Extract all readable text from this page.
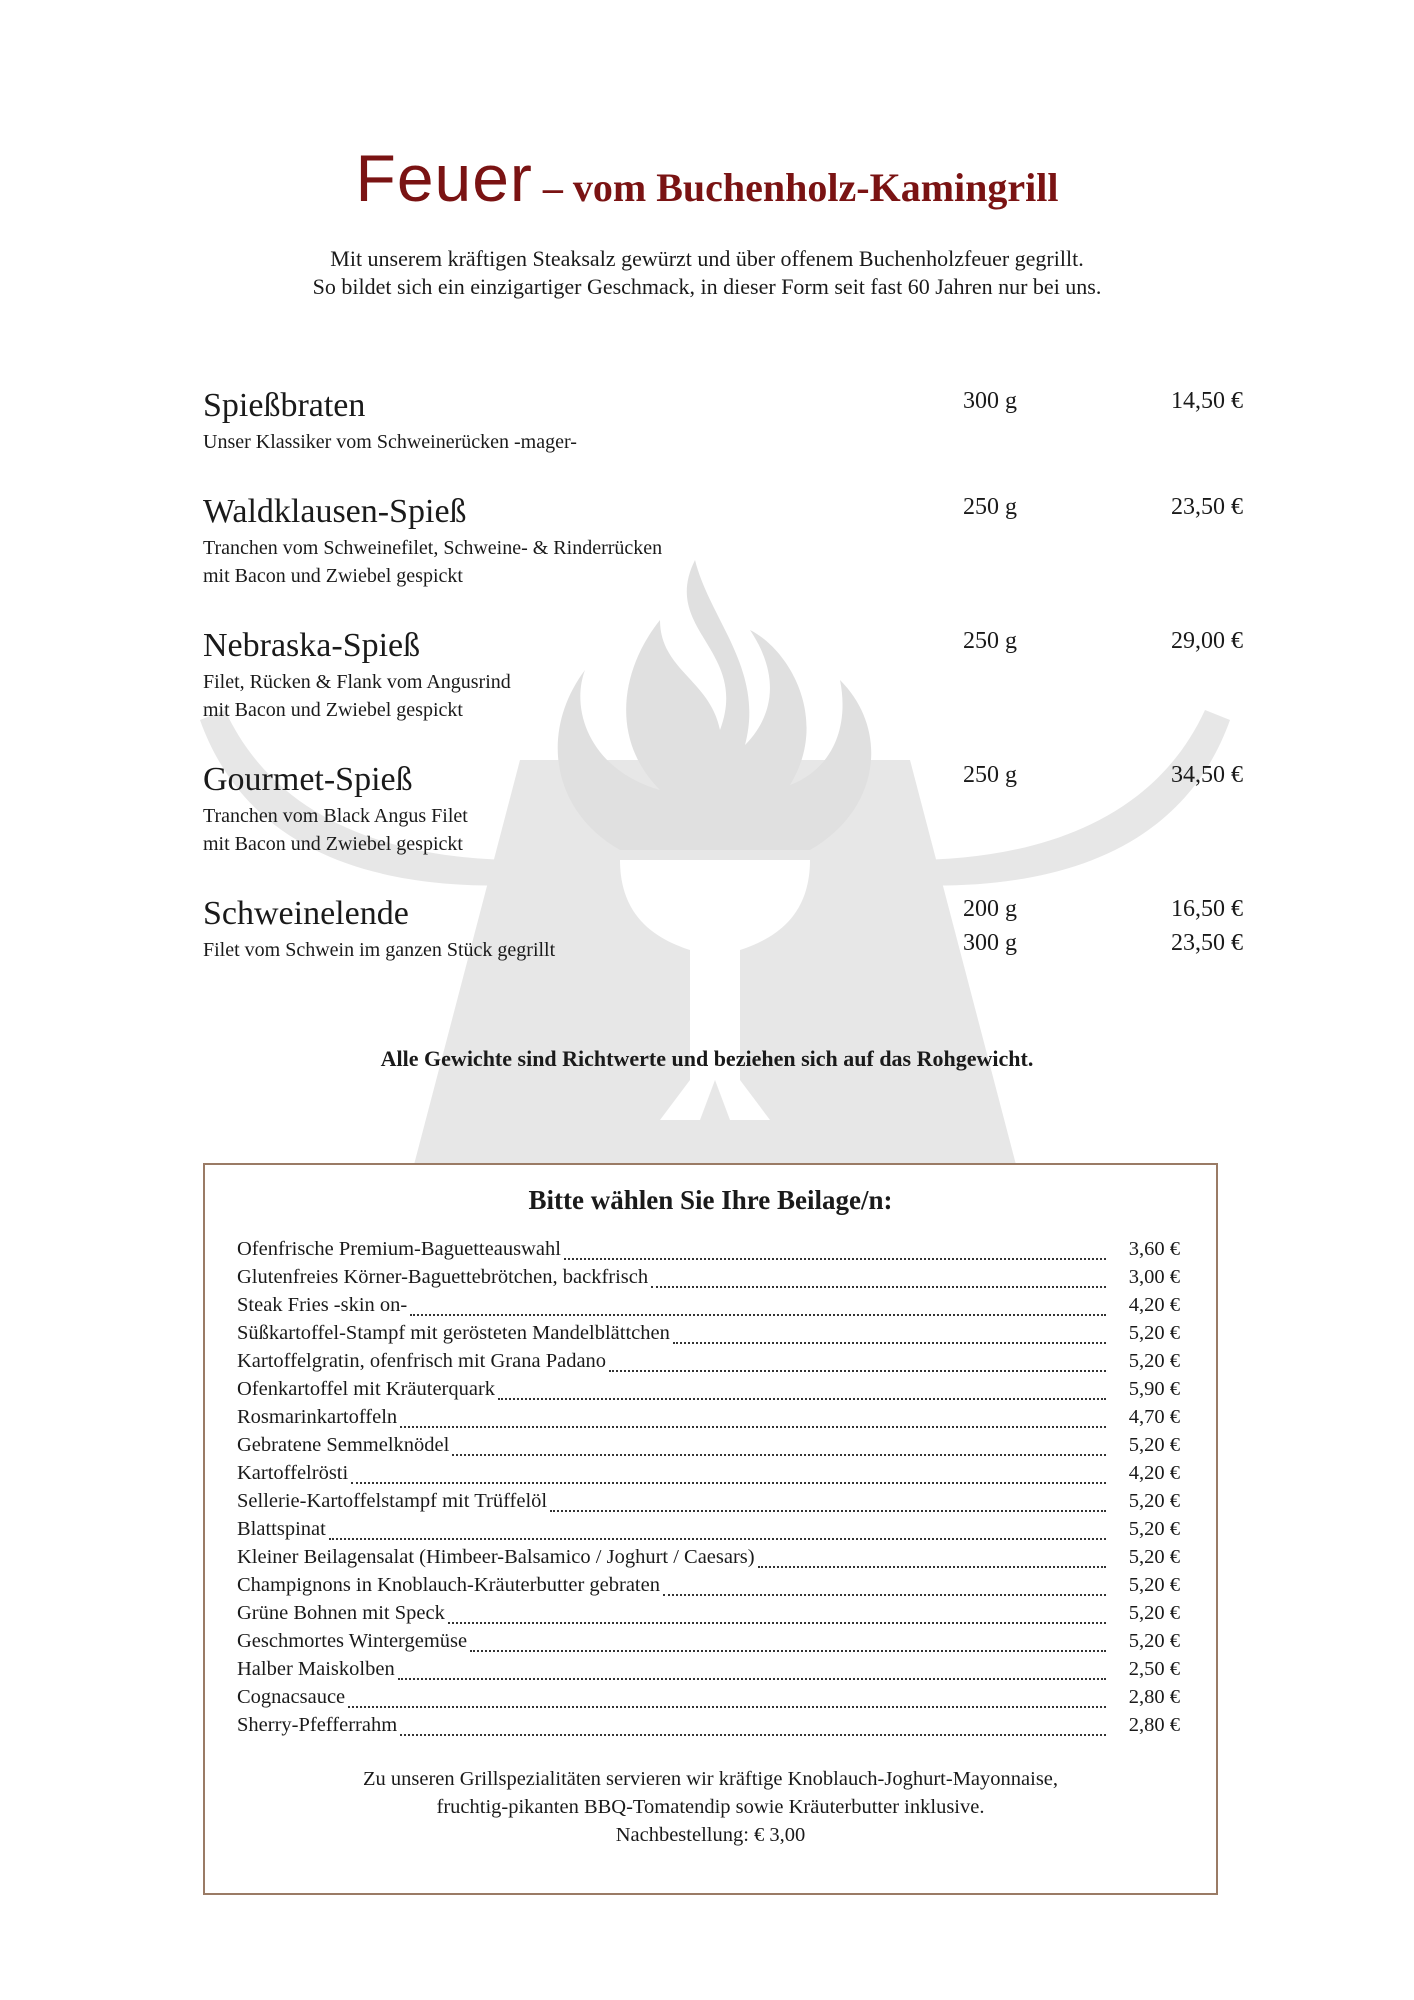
Feuer – vom Buchenholz-Kamingrill
Mit unserem kräftigen Steaksalz gewürzt und über offenem Buchenholzfeuer gegrillt.
So bildet sich ein einzigartiger Geschmack, in dieser Form seit fast 60 Jahren nur bei uns.
Spießbraten
Unser Klassiker vom Schweinerücken -mager-
300 g	14,50 €
Waldklausen-Spieß
Tranchen vom Schweinefilet, Schweine- & Rinderrücken
mit Bacon und Zwiebel gespickt
250 g	23,50 €
Nebraska-Spieß
Filet, Rücken & Flank vom Angusrind
mit Bacon und Zwiebel gespickt
250 g	29,00 €
Gourmet-Spieß
Tranchen vom Black Angus Filet
mit Bacon und Zwiebel gespickt
250 g	34,50 €
Schweinelende
Filet vom Schwein im ganzen Stück gegrillt
200 g	16,50 €
300 g	23,50 €
Alle Gewichte sind Richtwerte und beziehen sich auf das Rohgewicht.
Bitte wählen Sie Ihre Beilage/n:
Ofenfrische Premium-Baguetteauswahl	3,60 €
Glutenfreies Körner-Baguettebrötchen, backfrisch	3,00 €
Steak Fries -skin on-	4,20 €
Süßkartoffel-Stampf mit gerösteten Mandelblättchen	5,20 €
Kartoffelgratin, ofenfrisch mit Grana Padano	5,20 €
Ofenkartoffel mit Kräuterquark	5,90 €
Rosmarinkartoffeln	4,70 €
Gebratene Semmelknödel	5,20 €
Kartoffelrösti	4,20 €
Sellerie-Kartoffelstampf mit Trüffelöl	5,20 €
Blattspinat	5,20 €
Kleiner Beilagensalat (Himbeer-Balsamico / Joghurt / Caesars)	5,20 €
Champignons in Knoblauch-Kräuterbutter gebraten	5,20 €
Grüne Bohnen mit Speck	5,20 €
Geschmortes Wintergemüse	5,20 €
Halber Maiskolben	2,50 €
Cognacsauce	2,80 €
Sherry-Pfefferrahm	2,80 €
Zu unseren Grillspezialitäten servieren wir kräftige Knoblauch-Joghurt-Mayonnaise,
fruchtig-pikanten BBQ-Tomatendip sowie Kräuterbutter inklusive.
Nachbestellung: € 3,00
